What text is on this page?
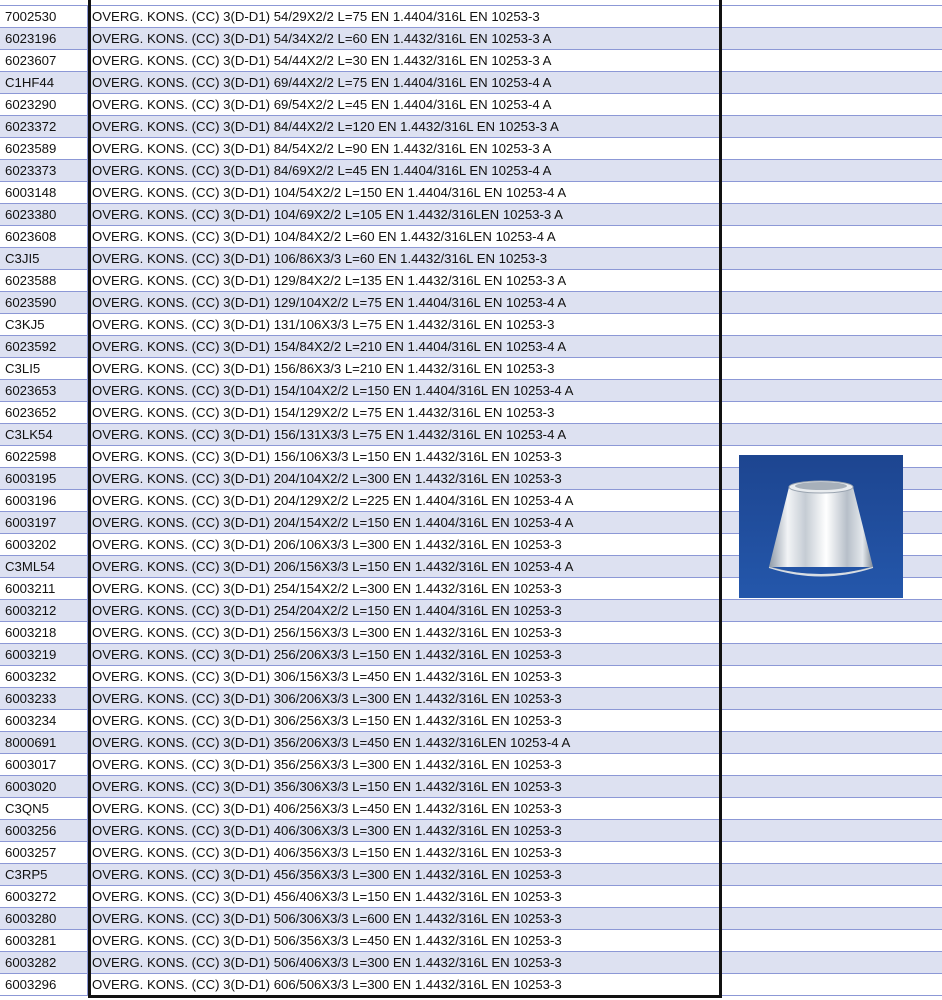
7002530	OVERG. KONS. (CC) 3(D-D1) 54/29X2/2 L=75 EN 1.4404/316L EN 10253-3
6023196	OVERG. KONS. (CC) 3(D-D1) 54/34X2/2 L=60 EN 1.4432/316L EN 10253-3 A
6023607	OVERG. KONS. (CC) 3(D-D1) 54/44X2/2 L=30 EN 1.4432/316L EN 10253-3 A
C1HF44	OVERG. KONS. (CC) 3(D-D1) 69/44X2/2 L=75 EN 1.4404/316L EN 10253-4 A
6023290	OVERG. KONS. (CC) 3(D-D1) 69/54X2/2 L=45 EN 1.4404/316L EN 10253-4 A
6023372	OVERG. KONS. (CC) 3(D-D1) 84/44X2/2 L=120 EN 1.4432/316L EN 10253-3 A
6023589	OVERG. KONS. (CC) 3(D-D1) 84/54X2/2 L=90 EN 1.4432/316L EN 10253-3 A
6023373	OVERG. KONS. (CC) 3(D-D1) 84/69X2/2 L=45 EN 1.4404/316L EN 10253-4 A
6003148	OVERG. KONS. (CC) 3(D-D1) 104/54X2/2 L=150 EN 1.4404/316L EN 10253-4 A
6023380	OVERG. KONS. (CC) 3(D-D1) 104/69X2/2 L=105 EN 1.4432/316LEN 10253-3 A
6023608	OVERG. KONS. (CC) 3(D-D1) 104/84X2/2 L=60 EN 1.4432/316LEN 10253-4 A
C3JI5	OVERG. KONS. (CC) 3(D-D1) 106/86X3/3 L=60 EN 1.4432/316L EN 10253-3
6023588	OVERG. KONS. (CC) 3(D-D1) 129/84X2/2 L=135 EN 1.4432/316L EN 10253-3 A
6023590	OVERG. KONS. (CC) 3(D-D1) 129/104X2/2 L=75 EN 1.4404/316L EN 10253-4 A
C3KJ5	OVERG. KONS. (CC) 3(D-D1) 131/106X3/3 L=75 EN 1.4432/316L EN 10253-3
6023592	OVERG. KONS. (CC) 3(D-D1) 154/84X2/2 L=210 EN 1.4404/316L EN 10253-4 A
C3LI5	OVERG. KONS. (CC) 3(D-D1) 156/86X3/3 L=210 EN 1.4432/316L EN 10253-3
6023653	OVERG. KONS. (CC) 3(D-D1) 154/104X2/2 L=150 EN 1.4404/316L EN 10253-4 A
6023652	OVERG. KONS. (CC) 3(D-D1) 154/129X2/2 L=75 EN 1.4432/316L EN 10253-3
C3LK54	OVERG. KONS. (CC) 3(D-D1) 156/131X3/3 L=75 EN 1.4432/316L EN 10253-4 A
6022598	OVERG. KONS. (CC) 3(D-D1) 156/106X3/3 L=150 EN 1.4432/316L EN 10253-3
6003195	OVERG. KONS. (CC) 3(D-D1) 204/104X2/2 L=300 EN 1.4432/316L EN 10253-3
6003196	OVERG. KONS. (CC) 3(D-D1) 204/129X2/2 L=225 EN 1.4404/316L EN 10253-4 A
6003197	OVERG. KONS. (CC) 3(D-D1) 204/154X2/2 L=150 EN 1.4404/316L EN 10253-4 A
6003202	OVERG. KONS. (CC) 3(D-D1) 206/106X3/3 L=300 EN 1.4432/316L EN 10253-3
C3ML54	OVERG. KONS. (CC) 3(D-D1) 206/156X3/3 L=150 EN 1.4432/316L EN 10253-4 A
6003211	OVERG. KONS. (CC) 3(D-D1) 254/154X2/2 L=300 EN 1.4432/316L EN 10253-3
6003212	OVERG. KONS. (CC) 3(D-D1) 254/204X2/2 L=150 EN 1.4404/316L EN 10253-3
6003218	OVERG. KONS. (CC) 3(D-D1) 256/156X3/3 L=300 EN 1.4432/316L EN 10253-3
6003219	OVERG. KONS. (CC) 3(D-D1) 256/206X3/3 L=150 EN 1.4432/316L EN 10253-3
6003232	OVERG. KONS. (CC) 3(D-D1) 306/156X3/3 L=450 EN 1.4432/316L EN 10253-3
6003233	OVERG. KONS. (CC) 3(D-D1) 306/206X3/3 L=300 EN 1.4432/316L EN 10253-3
6003234	OVERG. KONS. (CC) 3(D-D1) 306/256X3/3 L=150 EN 1.4432/316L EN 10253-3
8000691	OVERG. KONS. (CC) 3(D-D1) 356/206X3/3 L=450 EN 1.4432/316LEN 10253-4 A
6003017	OVERG. KONS. (CC) 3(D-D1) 356/256X3/3 L=300 EN 1.4432/316L EN 10253-3
6003020	OVERG. KONS. (CC) 3(D-D1) 356/306X3/3 L=150 EN 1.4432/316L EN 10253-3
C3QN5	OVERG. KONS. (CC) 3(D-D1) 406/256X3/3 L=450 EN 1.4432/316L EN 10253-3
6003256	OVERG. KONS. (CC) 3(D-D1) 406/306X3/3 L=300 EN 1.4432/316L EN 10253-3
6003257	OVERG. KONS. (CC) 3(D-D1) 406/356X3/3 L=150 EN 1.4432/316L EN 10253-3
C3RP5	OVERG. KONS. (CC) 3(D-D1) 456/356X3/3 L=300 EN 1.4432/316L EN 10253-3
6003272	OVERG. KONS. (CC) 3(D-D1) 456/406X3/3 L=150 EN 1.4432/316L EN 10253-3
6003280	OVERG. KONS. (CC) 3(D-D1) 506/306X3/3 L=600 EN 1.4432/316L EN 10253-3
6003281	OVERG. KONS. (CC) 3(D-D1) 506/356X3/3 L=450 EN 1.4432/316L EN 10253-3
6003282	OVERG. KONS. (CC) 3(D-D1) 506/406X3/3 L=300 EN 1.4432/316L EN 10253-3
6003296	OVERG. KONS. (CC) 3(D-D1) 606/506X3/3 L=300 EN 1.4432/316L EN 10253-3
